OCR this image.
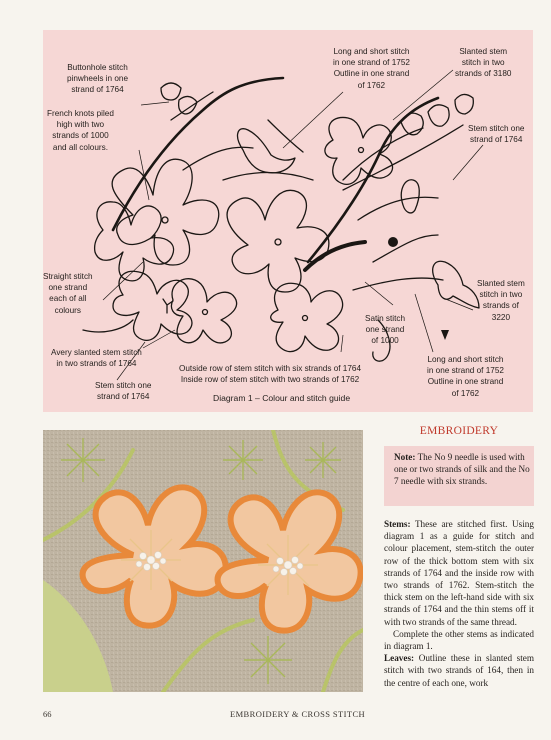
Buttonhole stitch
pinwheels in one
strand of 1764
French knots piled
high with two
strands of 1000
and all colours.
Long and short stitch
in one strand of 1752
Outline in one strand
of 1762
Slanted stem
stitch in two
strands of 3180
Stem stitch one
strand of 1764
Straight stitch
one strand
each of all
colours
Slanted stem
stitch in two
strands of
3220
Satin stitch
one strand
of 1000
Avery slanted stem stitch
in two strands of 1764
Stem stitch one
strand of 1764
Outside row of stem stitch with six strands of 1764
Inside row of stem stitch with two strands of 1762
Long and short stitch
in one strand of 1752
Outline in one strand
of 1762
Diagram 1 – Colour and stitch guide
EMBROIDERY
Note: The No 9 needle is used with one or two strands of silk and the No 7 needle with six strands.

Stems: These are stitched first. Using diagram 1 as a guide for stitch and colour placement, stem-stitch the outer row of the thick bottom stem with six strands of 1764 and the inside row with two strands of 1762. Stem-stitch the thick stem on the left-hand side with six strands of 1764 and the thin stems off it with two strands of the same thread.

Complete the other stems as indicated in diagram 1.

Leaves: Outline these in slanted stem stitch with two strands of 164, then in the centre of each one, work

66	EMBROIDERY & CROSS STITCH
